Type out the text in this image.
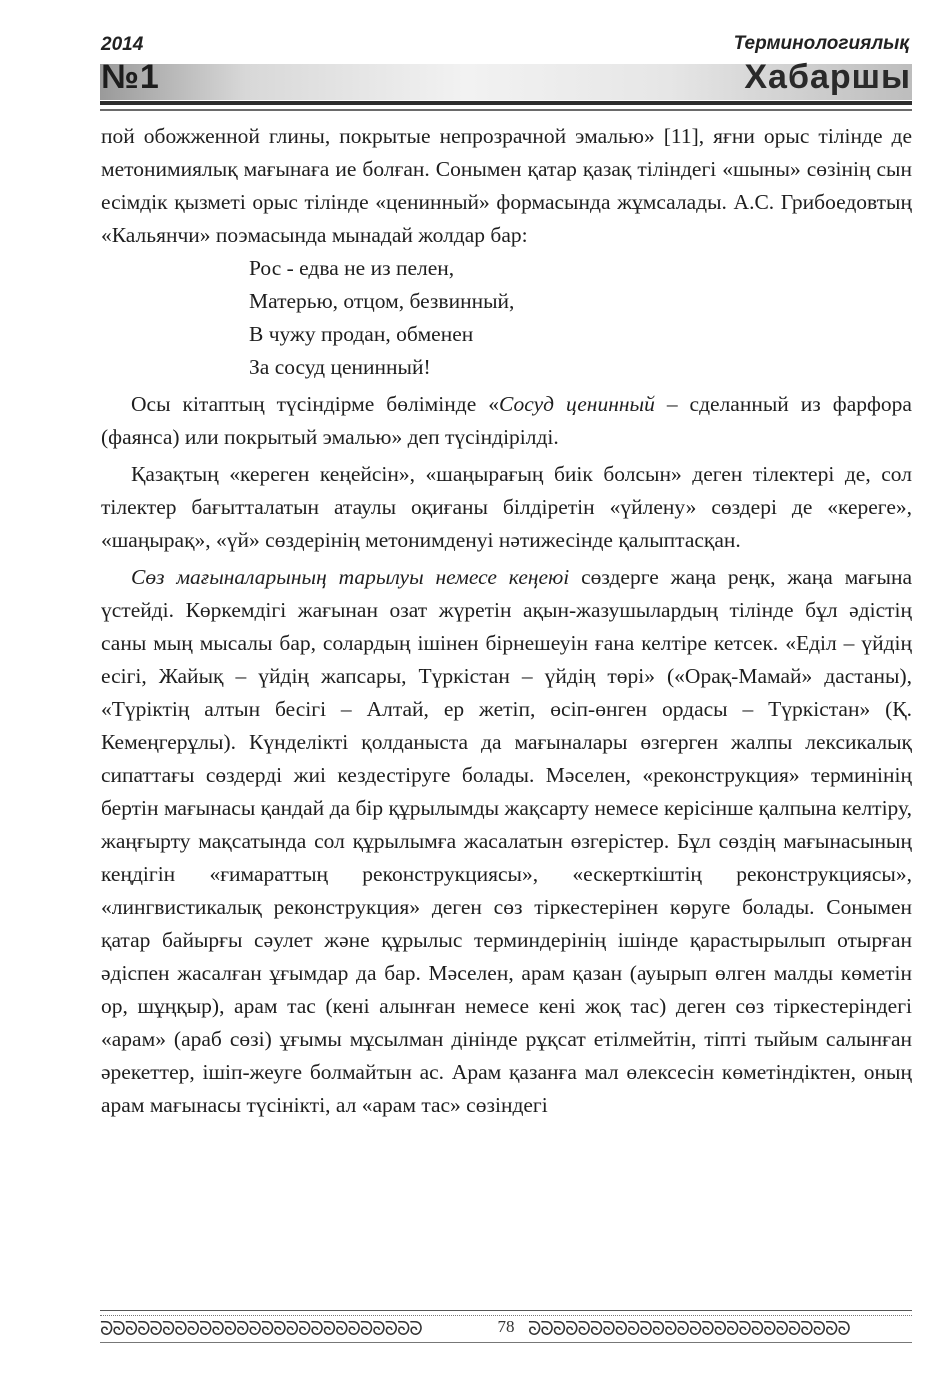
2014
№1
Терминологиялық
Хабаршы

пой обожженной глины, покрытые непрозрачной эмалью» [11], яғни орыс тілінде де метонимиялық мағынаға ие болған. Сонымен қатар қазақ тіліндегі «шыны» сөзінің сын есімдік қызметі орыс тілінде «ценинный» формасында жұмсалады. А.С. Грибоедовтың «Кальянчи» поэмасында мынадай жолдар бар:

Рос - едва не из пелен,
Матерью, отцом, безвинный,
В чужу продан, обменен
За сосуд ценинный!

Осы кітаптың түсіндірме бөлімінде «Сосуд ценинный – сделанный из фарфора (фаянса) или покрытый эмалью» деп түсіндірілді.

Қазақтың «кереген кеңейсін», «шаңырағың биік болсын» деген тілектері де, сол тілектер бағытталатын атаулы оқиғаны білдіретін «үйлену» сөздері де «кереге», «шаңырақ», «үй» сөздерінің метонимденуі нәтижесінде қалыптасқан.

Сөз мағыналарының тарылуы немесе кеңеюі сөздерге жаңа реңк, жаңа мағына үстейді. Көркемдігі жағынан озат жүретін ақын-жазушылардың тілінде бұл әдістің саны мың мысалы бар, солардың ішінен бірнешеуін ғана келтіре кетсек. «Еділ – үйдің есігі, Жайық – үйдің жапсары, Түркістан – үйдің төрі» («Орақ-Мамай» дастаны), «Түріктің алтын бесігі – Алтай, ер жетіп, өсіп-өнген ордасы – Түркістан» (Қ. Кемеңгерұлы). Күнделікті қолданыста да мағыналары өзгерген жалпы лексикалық сипаттағы сөздерді жиі кездестіруге болады. Мәселен, «реконструкция» терминінің бертін мағынасы қандай да бір құрылымды жақсарту немесе керісінше қалпына келтіру, жаңғырту мақсатында сол құрылымға жасалатын өзгерістер. Бұл сөздің мағынасының кеңдігін «ғимараттың реконструкциясы», «ескерткіштің реконструкциясы», «лингвистикалық реконструкция» деген сөз тіркестерінен көруге болады. Сонымен қатар байырғы сәулет және құрылыс терминдерінің ішінде қарастырылып отырған әдіспен жасалған ұғымдар да бар. Мәселен, арам қазан (ауырып өлген малды көметін ор, шұңқыр), арам тас (кені алынған немесе кені жоқ тас) деген сөз тіркестеріндегі «арам» (араб сөзі) ұғымы мұсылман дінінде рұқсат етілмейтін, тіпті тыйым салынған әрекеттер, ішіп-жеуге болмайтын ас. Арам қазанға мал өлексесін көметіндіктен, оның арам мағынасы түсінікті, ал «арам тас» сөзіндегі

ᘐᘐᘐᘐᘐᘐᘐᘐᘐᘐᘐᘐᘐᘐᘐᘐᘐᘐᘐᘐᘐᘐᘐᘐᘐᘐ	78 ᘐᘐᘐᘐᘐᘐᘐᘐᘐᘐᘐᘐᘐᘐᘐᘐᘐᘐᘐᘐᘐᘐᘐᘐᘐᘐ
